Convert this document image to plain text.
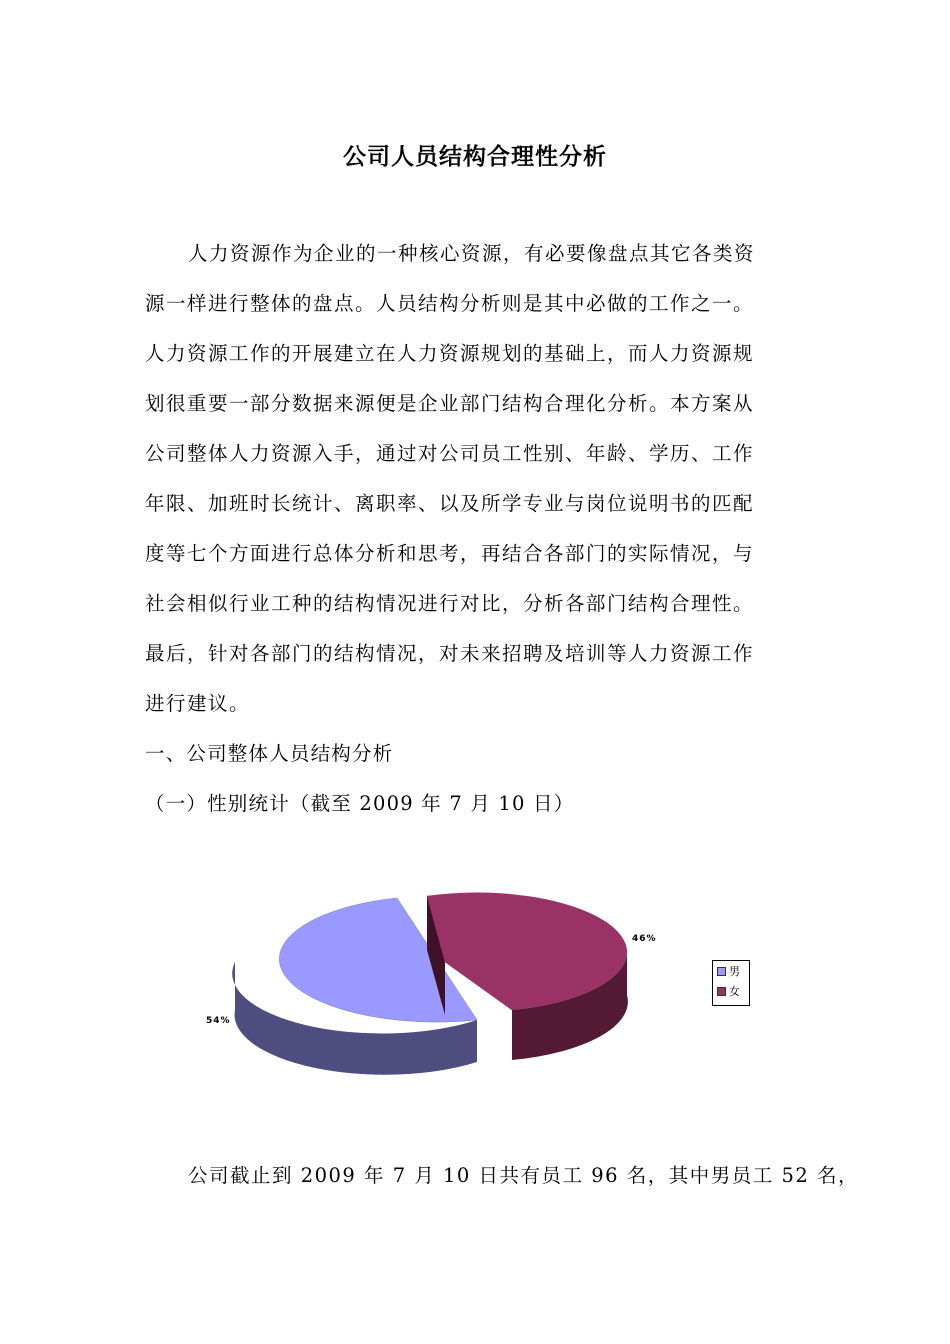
公司人员结构合理性分析
人力资源作为企业的一种核心资源，有必要像盘点其它各类资
源一样进行整体的盘点。人员结构分析则是其中必做的工作之一。
人力资源工作的开展建立在人力资源规划的基础上，而人力资源规
划很重要一部分数据来源便是企业部门结构合理化分析。本方案从
公司整体人力资源入手，通过对公司员工性别、年龄、学历、工作
年限、加班时长统计、离职率、以及所学专业与岗位说明书的匹配
度等七个方面进行总体分析和思考，再结合各部门的实际情况，与
社会相似行业工种的结构情况进行对比，分析各部门结构合理性。
最后，针对各部门的结构情况，对未来招聘及培训等人力资源工作
进行建议。
一、公司整体人员结构分析
（一）性别统计（截至 2009 年 7 月 10 日）
46%
54%
男
女
公司截止到 2009 年 7 月 10 日共有员工 96 名，其中男员工 52 名，
